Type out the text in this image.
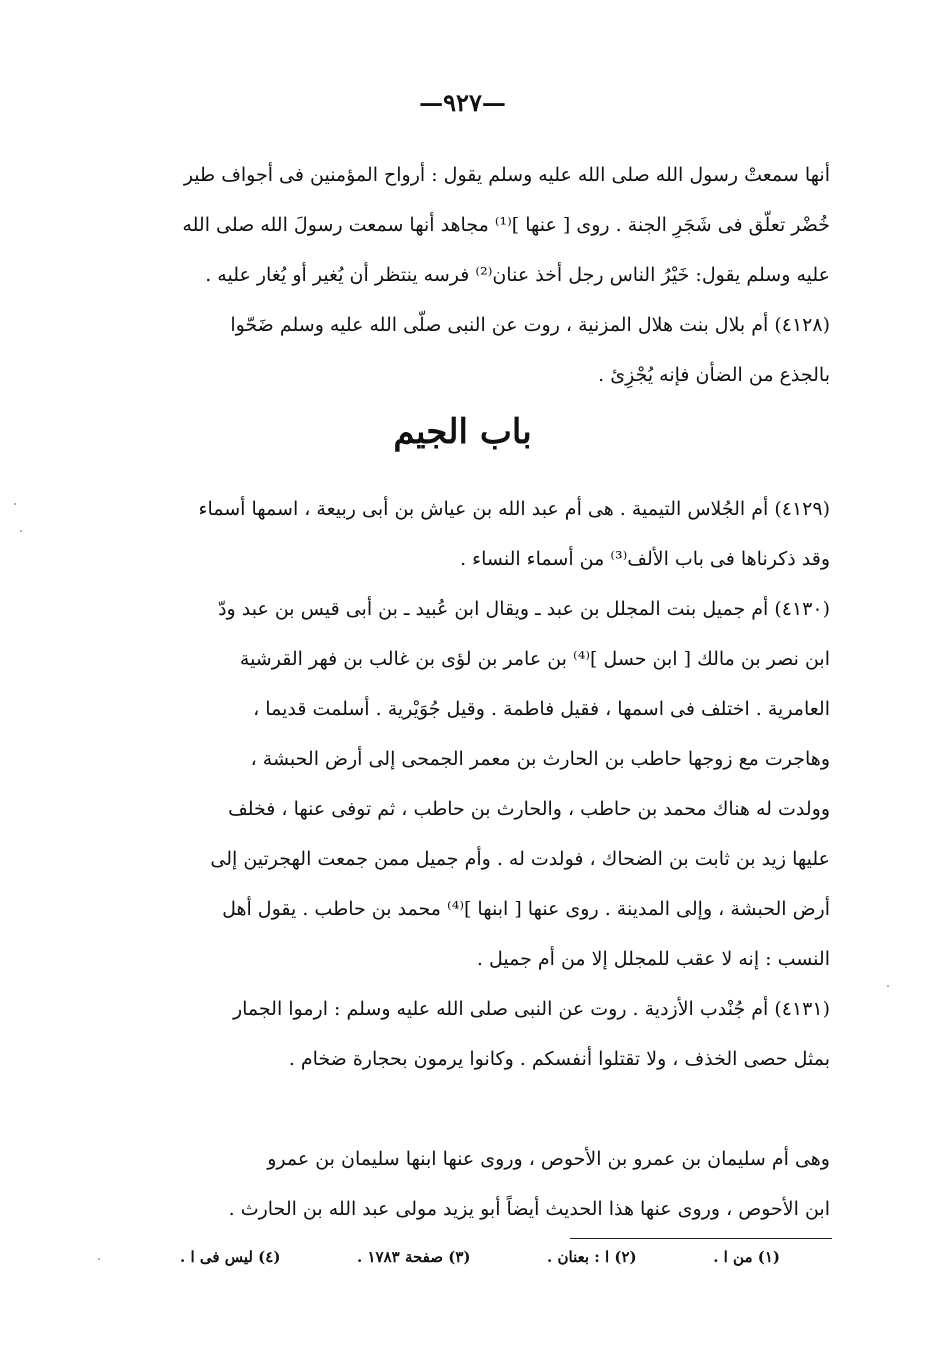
—٩٢٧—
أنها سمعتْ رسول الله صلى الله عليه وسلم يقول : أرواح المؤمنين فى أجواف طير
خُضْر تعلّق فى شَجَرِ الجنة . روى [ عنها ]⁽¹⁾ مجاهد أنها سمعت رسولَ الله صلى الله
عليه وسلم يقول: خَيْرُ الناس رجل أخذ عنان⁽²⁾ فرسه ينتظر أن يُغير أو يُغار عليه .
(٤١٢٨) أم بلال بنت هلال المزنية ، روت عن النبى صلّى الله عليه وسلم ضَحّوا
بالجذع من الضأن فإنه يُجْزِئ .
باب الجيم
(٤١٢٩) أم الجُلاس التيمية . هى أم عبد الله بن عياش بن أبى ربيعة ، اسمها أسماء
وقد ذكرناها فى باب الألف⁽³⁾ من أسماء النساء .
(٤١٣٠) أم جميل بنت المجلل بن عبد ـ ويقال ابن عُبيد ـ بن أبى قيس بن عبد ودّ
ابن نصر بن مالك [ ابن حسل ]⁽⁴⁾ بن عامر بن لؤى بن غالب بن فهر القرشية
العامرية . اختلف فى اسمها ، فقيل فاطمة . وقيل جُوَيْرية . أسلمت قديما ،
وهاجرت مع زوجها حاطب بن الحارث بن معمر الجمحى إلى أرض الحبشة ،
وولدت له هناك محمد بن حاطب ، والحارث بن حاطب ، ثم توفى عنها ، فخلف
عليها زيد بن ثابت بن الضحاك ، فولدت له . وأم جميل ممن جمعت الهجرتين إلى
أرض الحبشة ، وإلى المدينة . روى عنها [ ابنها ]⁽⁴⁾ محمد بن حاطب . يقول أهل
النسب : إنه لا عقب للمجلل إلا من أم جميل .
(٤١٣١) أم جُنْدب الأزدية . روت عن النبى صلى الله عليه وسلم : ارموا الجمار
بمثل حصى الخذف ، ولا تقتلوا أنفسكم . وكانوا يرمون بحجارة ضخام .
وهى أم سليمان بن عمرو بن الأحوص ، وروى عنها ابنها سليمان بن عمرو
ابن الأحوص ، وروى عنها هذا الحديث أيضاً أبو يزيد مولى عبد الله بن الحارث .
(١) من ا .
(٢) ا : بعنان .
(٣) صفحة ١٧٨٣ .
(٤) ليس فى ا .
